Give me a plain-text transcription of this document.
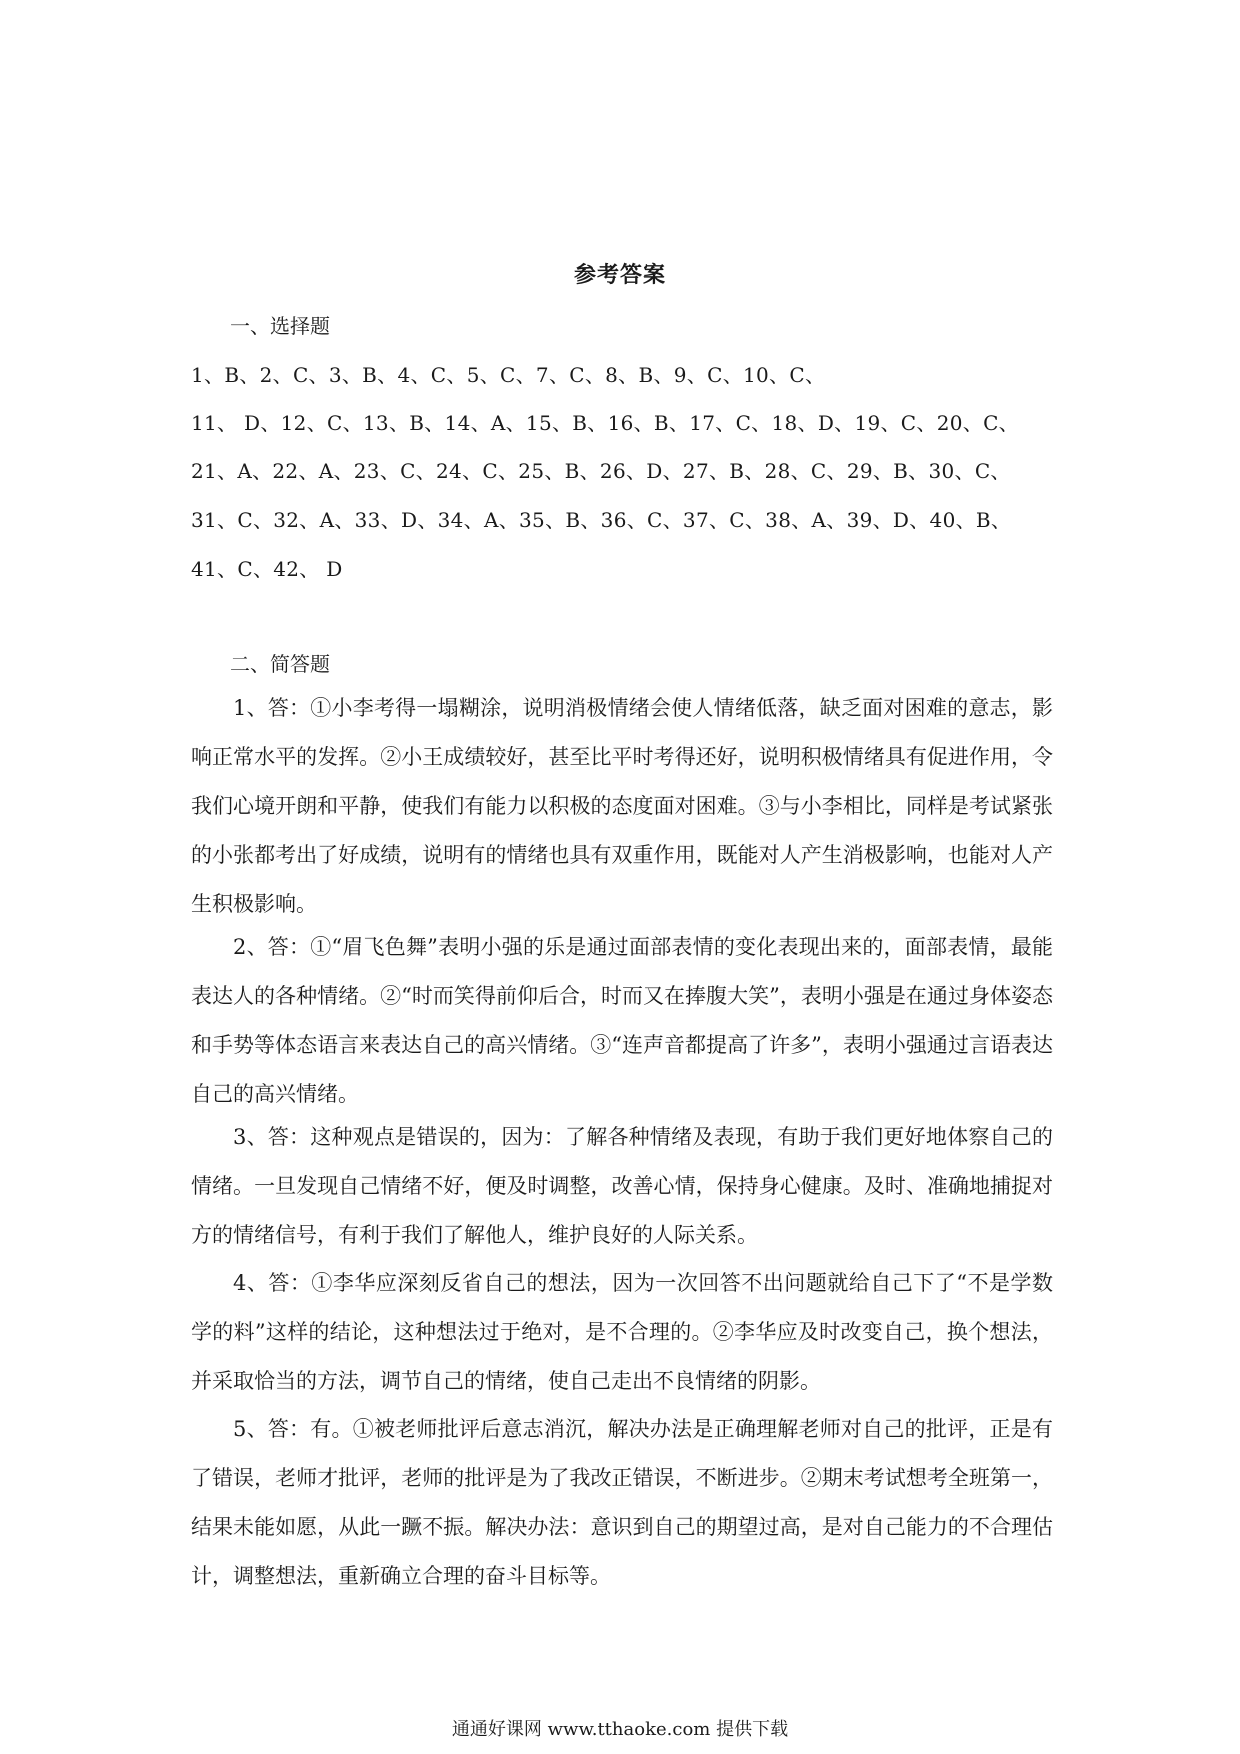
参考答案
一、选择题
1、B、2、C、3、B、4、C、5、C、7、C、8、B、9、C、10、C、
11、 D、12、C、13、B、14、A、15、B、16、B、17、C、18、D、19、C、20、C、
21、A、22、A、23、C、24、C、25、B、26、D、27、B、28、C、29、B、30、C、
31、C、32、A、33、D、34、A、35、B、36、C、37、C、38、A、39、D、40、B、
41、C、42、 D
二、简答题

1、答：①小李考得一塌糊涂，说明消极情绪会使人情绪低落，缺乏面对困难的意志，影响正常水平的发挥。②小王成绩较好，甚至比平时考得还好，说明积极情绪具有促进作用，令我们心境开朗和平静，使我们有能力以积极的态度面对困难。③与小李相比，同样是考试紧张的小张都考出了好成绩，说明有的情绪也具有双重作用，既能对人产生消极影响，也能对人产生积极影响。

2、答：①“眉飞色舞”表明小强的乐是通过面部表情的变化表现出来的，面部表情，最能表达人的各种情绪。②“时而笑得前仰后合，时而又在捧腹大笑”，表明小强是在通过身体姿态和手势等体态语言来表达自己的高兴情绪。③“连声音都提高了许多”，表明小强通过言语表达自己的高兴情绪。

3、答：这种观点是错误的，因为：了解各种情绪及表现，有助于我们更好地体察自己的情绪。一旦发现自己情绪不好，便及时调整，改善心情，保持身心健康。及时、准确地捕捉对方的情绪信号，有利于我们了解他人，维护良好的人际关系。

4、答：①李华应深刻反省自己的想法，因为一次回答不出问题就给自己下了“不是学数学的料”这样的结论，这种想法过于绝对，是不合理的。②李华应及时改变自己，换个想法，并采取恰当的方法，调节自己的情绪，使自己走出不良情绪的阴影。

5、答：有。①被老师批评后意志消沉，解决办法是正确理解老师对自己的批评，正是有了错误，老师才批评，老师的批评是为了我改正错误，不断进步。②期末考试想考全班第一，结果未能如愿，从此一蹶不振。解决办法：意识到自己的期望过高，是对自己能力的不合理估计，调整想法，重新确立合理的奋斗目标等。

通通好课网 www.tthaoke.com 提供下载
